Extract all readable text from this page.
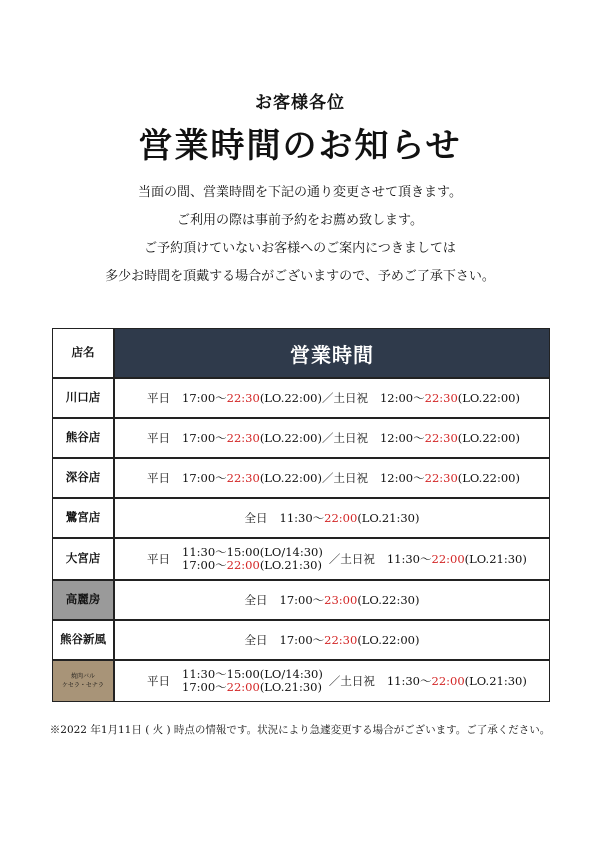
お客様各位
営業時間のお知らせ

当面の間、営業時間を下記の通り変更させて頂きます。

ご利用の際は事前予約をお薦め致します。

ご予約頂けていないお客様へのご案内につきましては

多少お時間を頂戴する場合がございますので、予めご了承下さい。

店名	営業時間
川口店	平日 17:00～ 22:30 (LO.22:00) ／土日祝 12:00～ 22:30 (LO.22:00)
熊谷店	平日 17:00～ 22:30 (LO.22:00) ／土日祝 12:00～ 22:30 (LO.22:00)
深谷店	平日 17:00～ 22:30 (LO.22:00) ／土日祝 12:00～ 22:30 (LO.22:00)
鷺宮店	全日 11:30～ 22:00 (LO.21:30)
大宮店	平日 11:30～15:00(LO/14:30)
17:00～22:00(LO.21:30) ／土日祝 11:30～ 22:00 (LO.21:30)
高麗房	全日 17:00～ 23:00 (LO.22:30)
熊谷新風	全日 17:00～ 22:30 (LO.22:00)
焼肉バル
ケセラ・セナラ	平日 11:30～15:00(LO/14:30)
17:00～22:00(LO.21:30) ／土日祝 11:30～ 22:00 (LO.21:30)
※2022 年1月11日 ( 火 ) 時点の情報です。状況により急遽変更する場合がございます。ご了承ください。
